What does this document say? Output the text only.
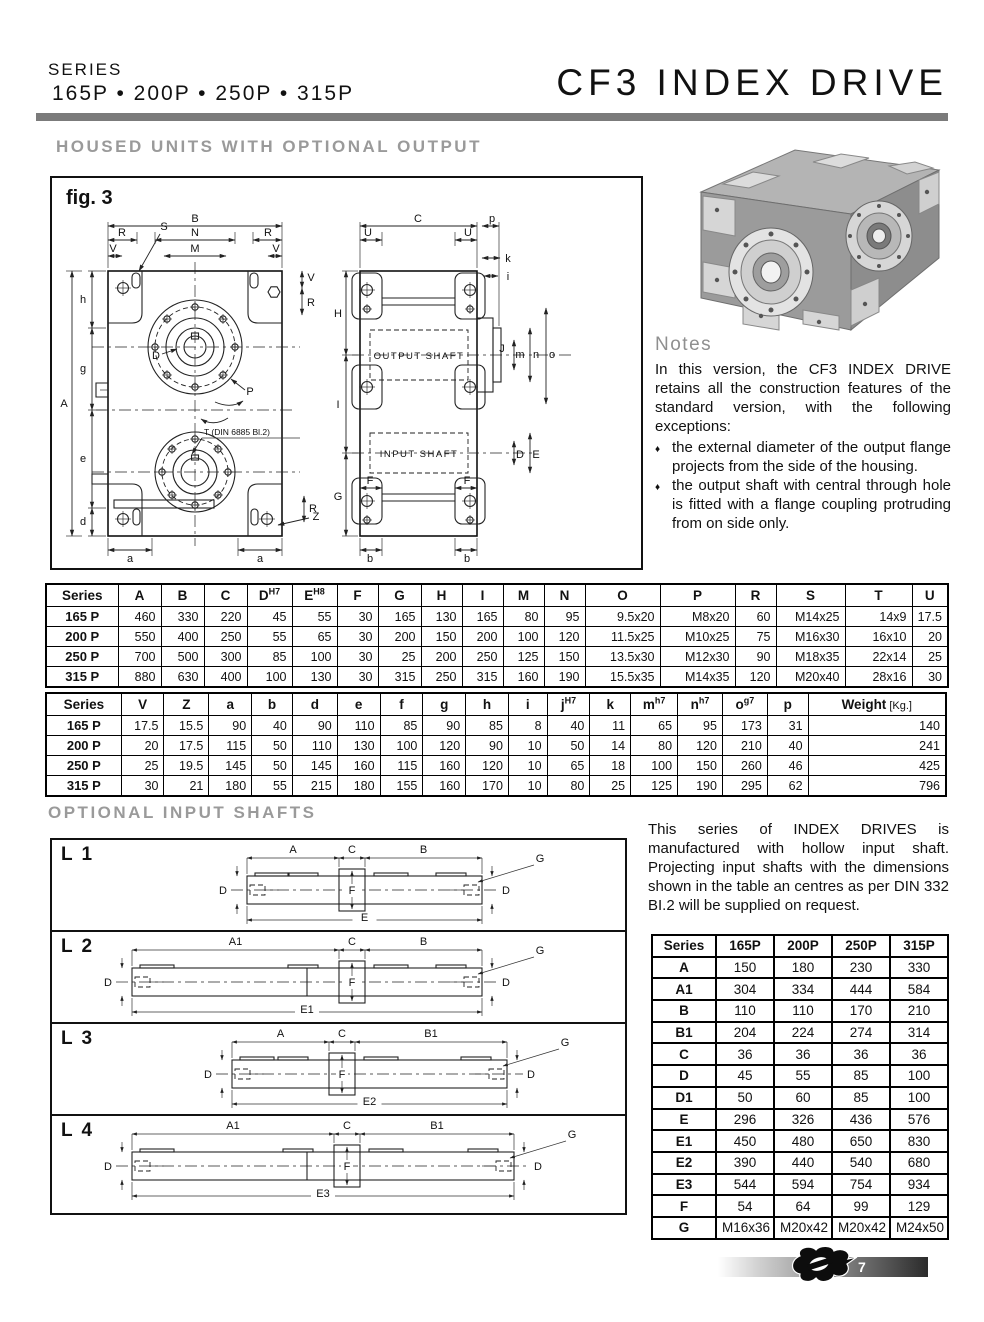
SERIES
165P • 200P • 250P • 315P	CF3 INDEX DRIVE
HOUSED UNITS WITH OPTIONAL OUTPUT
fig. 3
B
R	N	R
V	M	V
S
V
R
h
g
e
d
A
a	a
D
P
T (DIN 6885 Bl.2)
Z
R
OUTPUT SHAFT
INPUT SHAFT
C	p
U	U
k
i
H
I
G
J m n o
D E
F	F
b	b
Notes

In this version, the CF3 INDEX DRIVE retains all the construction features of the standard version, with the following exceptions:

♦ the external diameter of the output flange projects from the side of the housing.
♦ the output shaft with central through hole is fitted with a flange coupling protruding from on side only.
Series	A	B	C	$D^{H7}$	$E^{H8}$	F	G	H	I	M	N	O	P	R	S	T	U
165 P	460	330	220	45	55	30	165	130	165	80	95	9.5x20	M8x20	60	M14x25	14x9	17.5
200 P	550	400	250	55	65	30	200	150	200	100	120	11.5x25	M10x25	75	M16x30	16x10	20
250 P	700	500	300	85	100	30	25	200	250	125	150	13.5x30	M12x30	90	M18x35	22x14	25
315 P	880	630	400	100	130	30	315	250	315	160	190	15.5x35	M14x35	120	M20x40	28x16	30
Series	V	Z	a	b	d	e	f	g	h	i	$j^{H7}$	k	$m^{h7}$	$n^{h7}$	$o^{g7}$	p	Weight [Kg.]
165 P	17.5	15.5	90	40	90	110	85	90	85	8	40	11	65	95	173	31	140
200 P	20	17.5	115	50	110	130	100	120	90	10	50	14	80	120	210	40	241
250 P	25	19.5	145	50	145	160	115	160	120	10	65	18	100	150	260	46	425
315 P	30	21	180	55	215	180	155	160	170	10	80	25	125	190	295	62	796
OPTIONAL INPUT SHAFTS
L 1	A	C	B
D	D
F
E
G
L 2	A1	C	B
D	D
F
E1
G
L 3	A	C	B1
D	D
F
E2
G
L 4	A1	C	B1
D	D
F
E3
G

This series of INDEX DRIVES is manufactured with hollow input shaft. Projecting input shafts with the dimensions shown in the table an centres as per DIN 332 BI.2 will be supplied on request.

Series	165P	200P	250P	315P
A	150	180	230	330
A1	304	334	444	584
B	110	110	170	210
B1	204	224	274	314
C	36	36	36	36
D	45	55	85	100
D1	50	60	85	100
E	296	326	436	576
E1	450	480	650	830
E2	390	440	540	680
E3	544	594	754	934
F	54	64	99	129
G	M16x36	M20x42	M20x42	M24x50
7
